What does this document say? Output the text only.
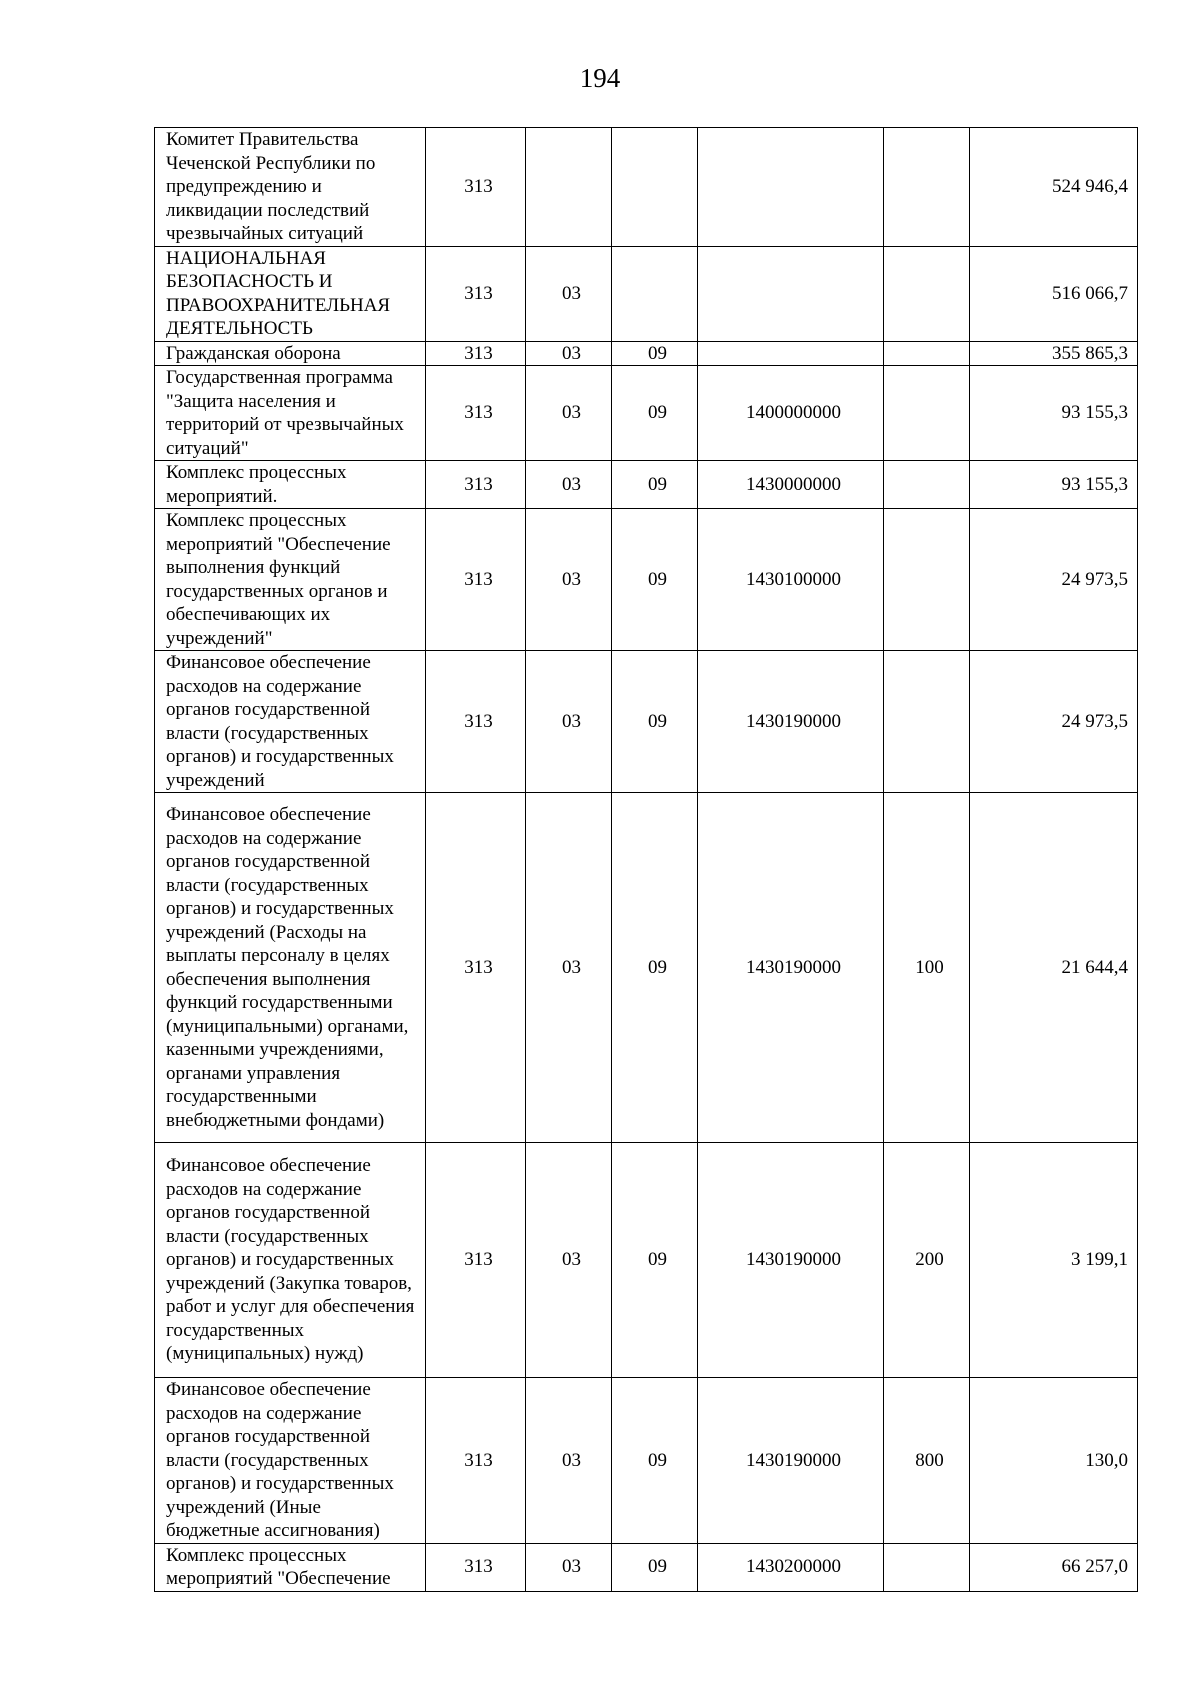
194
Комитет Правительства Чеченской Республики по предупреждению и ликвидации последствий чрезвычайных ситуаций	313					524 946,4
НАЦИОНАЛЬНАЯ БЕЗОПАСНОСТЬ И ПРАВООХРАНИТЕЛЬНАЯ ДЕЯТЕЛЬНОСТЬ	313	03				516 066,7
Гражданская оборона	313	03	09			355 865,3
Государственная программа "Защита населения и территорий от чрезвычайных ситуаций"	313	03	09	1400000000		93 155,3
Комплекс процессных мероприятий.	313	03	09	1430000000		93 155,3
Комплекс процессных мероприятий "Обеспечение выполнения функций государственных органов и обеспечивающих их учреждений"	313	03	09	1430100000		24 973,5
Финансовое обеспечение расходов на содержание органов государственной власти (государственных органов) и государственных учреждений	313	03	09	1430190000		24 973,5
Финансовое обеспечение расходов на содержание органов государственной власти (государственных органов) и государственных учреждений (Расходы на выплаты персоналу в целях обеспечения выполнения функций государственными (муниципальными) органами, казенными учреждениями, органами управления государственными внебюджетными фондами)	313	03	09	1430190000	100	21 644,4
Финансовое обеспечение расходов на содержание органов государственной власти (государственных органов) и государственных учреждений (Закупка товаров, работ и услуг для обеспечения государственных (муниципальных) нужд)	313	03	09	1430190000	200	3 199,1
Финансовое обеспечение расходов на содержание органов государственной власти (государственных органов) и государственных учреждений (Иные бюджетные ассигнования)	313	03	09	1430190000	800	130,0
Комплекс процессных мероприятий "Обеспечение	313	03	09	1430200000		66 257,0
